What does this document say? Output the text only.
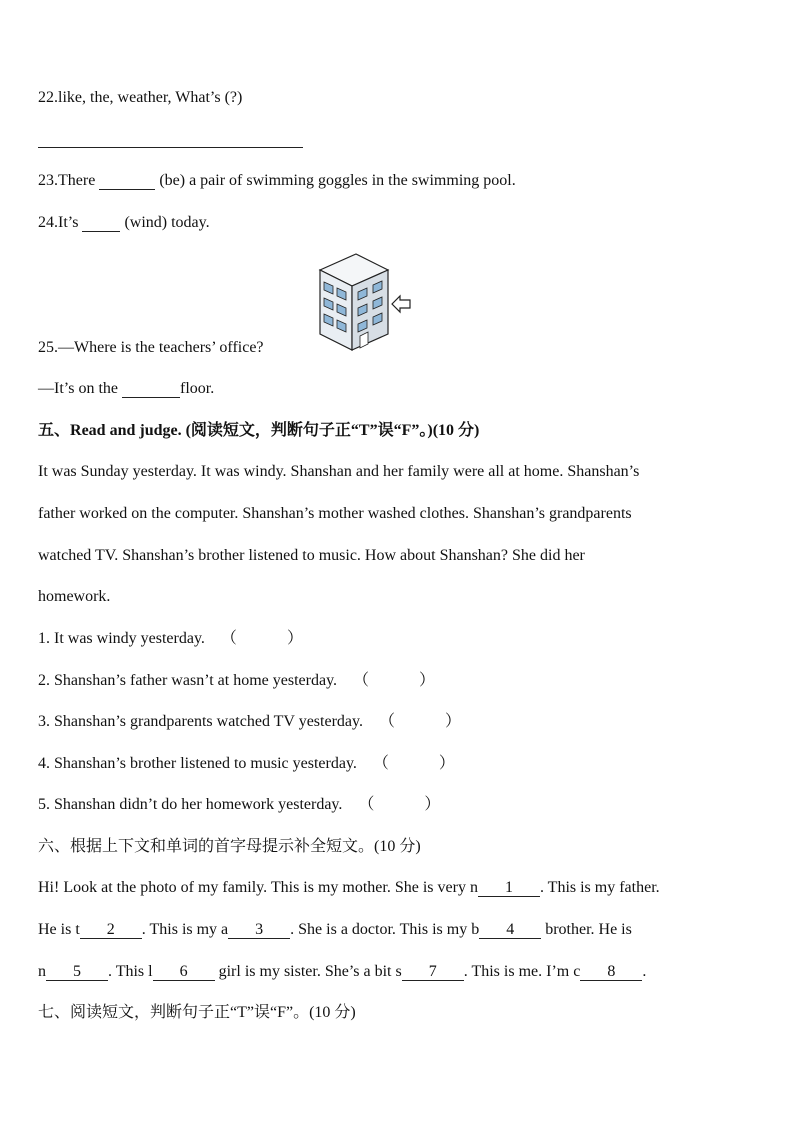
22.like, the, weather, What’s (?)
23.There	(be) a pair of swimming goggles in the swimming pool.
24.It’s   (wind) today.
25.—Where is the teachers’ office?
—It’s on the	floor.
五、Read and judge. (阅读短文，判断句子正“T”误“F”。)(10 分)
It was Sunday yesterday. It was windy. Shanshan and her family were all at home. Shanshan’s
father worked on the computer. Shanshan’s mother washed clothes. Shanshan’s grandparents
watched TV. Shanshan’s brother listened to music. How about Shanshan? She did her
homework.
1. It was windy yesterday. （	）
2. Shanshan’s father wasn’t at home yesterday. （	）
3. Shanshan’s grandparents watched TV yesterday. （	）
4. Shanshan’s brother listened to music yesterday. （	）
5. Shanshan didn’t do her homework yesterday. （	）
六、根据上下文和单词的首字母提示补全短文。(10 分)
Hi! Look at the photo of my family. This is my mother. She is very n 1 . This is my father.
He is t 2 . This is my a 3 . She is a doctor. This is my b 4 brother. He is
n 5 . This l 6 girl is my sister. She’s a bit s 7 . This is me. I’m c 8 .
七、阅读短文，判断句子正“T”误“F”。(10 分)
